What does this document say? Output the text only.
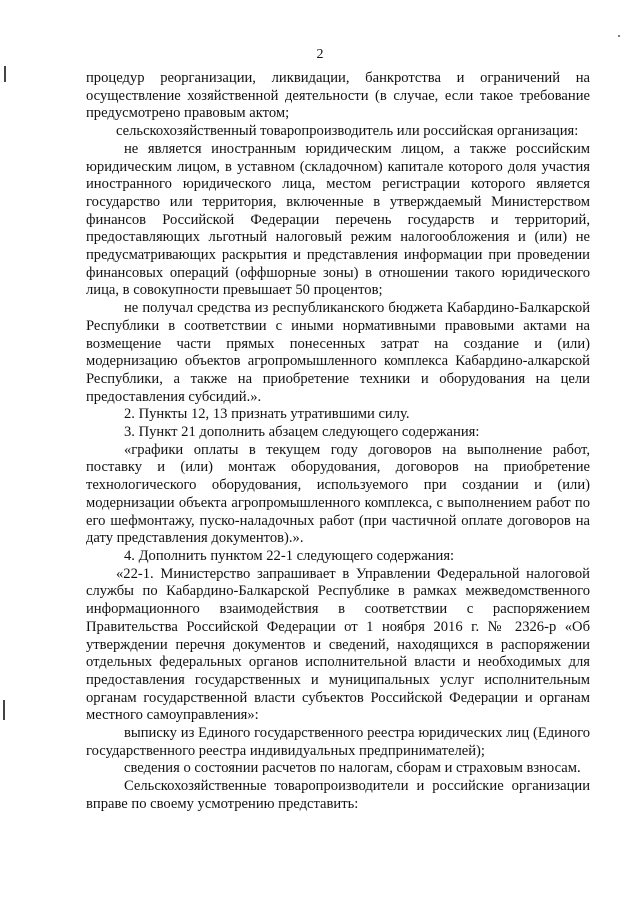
2

процедур реорганизации, ликвидации, банкротства и ограничений на осуществление хозяйственной деятельности (в случае, если такое требование предусмотрено правовым актом;

сельскохозяйственный товаропроизводитель или российская организация:

не является иностранным юридическим лицом, а также российским юридическим лицом, в уставном (складочном) капитале которого доля участия иностранного юридического лица, местом регистрации которого является государство или территория, включенные в утверждаемый Министерством финансов Российской Федерации перечень государств и территорий, предоставляющих льготный налоговый режим налогообложения и (или) не предусматривающих раскрытия и представления информации при проведении финансовых операций (оффшорные зоны) в отношении такого юридического лица, в совокупности превышает 50 процентов;

не получал средства из республиканского бюджета Кабардино-Балкарской Республики в соответствии с иными нормативными правовыми актами на возмещение части прямых понесенных затрат на создание и (или) модернизацию объектов агропромышленного комплекса Кабардино-алкарской Республики, а также на приобретение техники и оборудования на цели предоставления субсидий.».

2. Пункты 12, 13 признать утратившими силу.

3. Пункт 21 дополнить абзацем следующего содержания:

«графики оплаты в текущем году договоров на выполнение работ, поставку и (или) монтаж оборудования, договоров на приобретение технологического оборудования, используемого при создании и (или) модернизации объекта агропромышленного комплекса, с выполнением работ по его шефмонтажу, пуско-наладочных работ (при частичной оплате договоров на дату представления документов).».

4. Дополнить пунктом 22-1 следующего содержания:

«22-1. Министерство запрашивает в Управлении Федеральной налоговой службы по Кабардино-Балкарской Республике в рамках межведомственного информационного взаимодействия в соответствии с распоряжением Правительства Российской Федерации от 1 ноября 2016 г. № 2326-р «Об утверждении перечня документов и сведений, находящихся в распоряжении отдельных федеральных органов исполнительной власти и необходимых для предоставления государственных и муниципальных услуг исполнительным органам государственной власти субъектов Российской Федерации и органам местного самоуправления»:

выписку из Единого государственного реестра юридических лиц (Единого государственного реестра индивидуальных предпринимателей);

сведения о состоянии расчетов по налогам, сборам и страховым взносам.

Сельскохозяйственные товаропроизводители и российские организации вправе по своему усмотрению представить:
